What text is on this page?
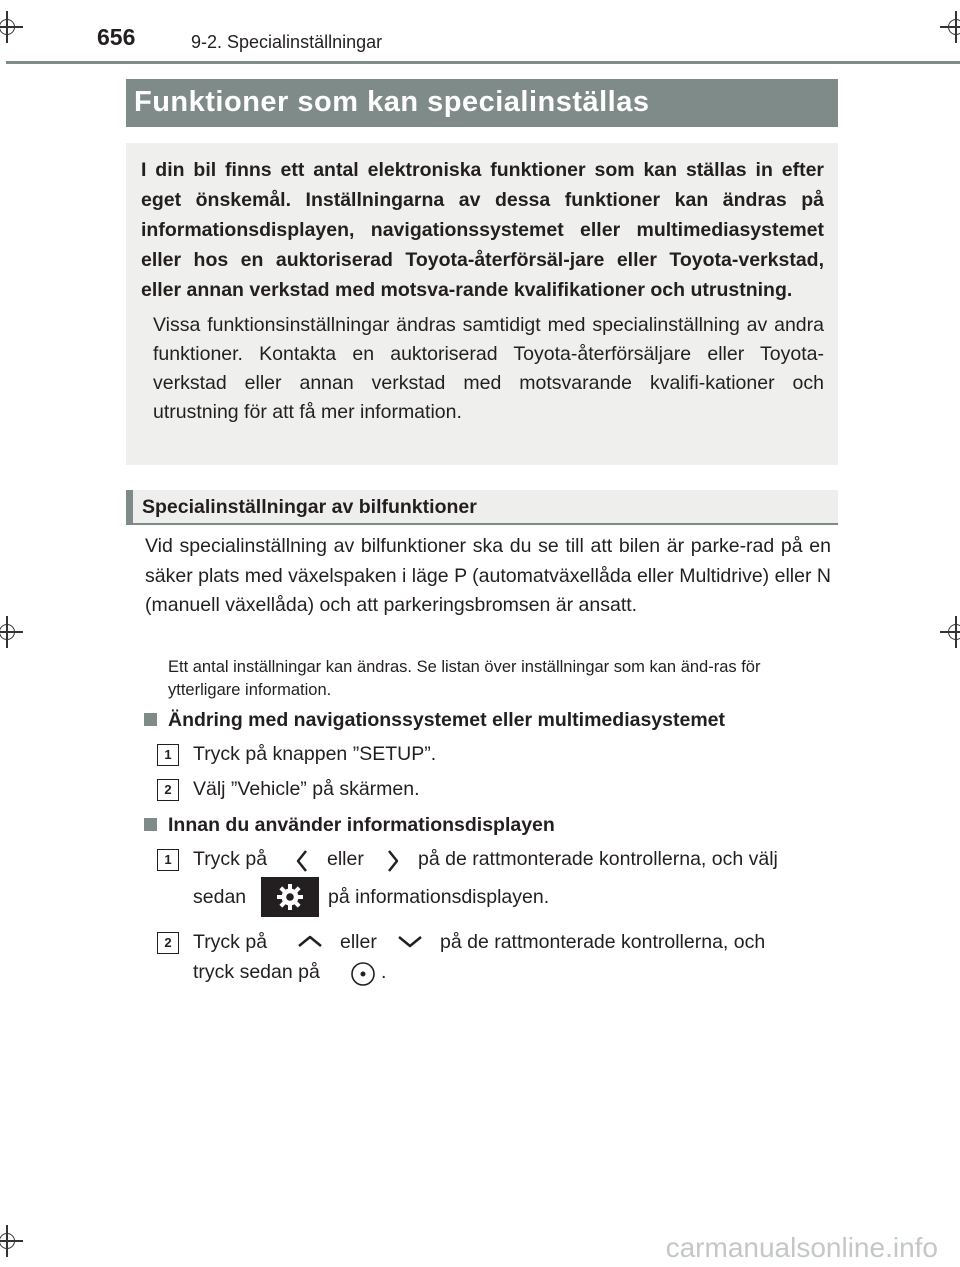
656	9-2. Specialinställningar
Funktioner som kan specialinställas

I din bil finns ett antal elektroniska funktioner som kan ställas in efter eget önskemål. Inställningarna av dessa funktioner kan ändras på informationsdisplayen, navigationssystemet eller multimediasystemet eller hos en auktoriserad Toyota-återförsäl-jare eller Toyota-verkstad, eller annan verkstad med motsva-rande kvalifikationer och utrustning.

Vissa funktionsinställningar ändras samtidigt med specialinställning av andra funktioner. Kontakta en auktoriserad Toyota-återförsäljare eller Toyota-verkstad eller annan verkstad med motsvarande kvalifi-kationer och utrustning för att få mer information.

Specialinställningar av bilfunktioner

Vid specialinställning av bilfunktioner ska du se till att bilen är parke-rad på en säker plats med växelspaken i läge P (automatväxellåda eller Multidrive) eller N (manuell växellåda) och att parkeringsbromsen är ansatt.

Ett antal inställningar kan ändras. Se listan över inställningar som kan änd-ras för ytterligare information.

Ändring med navigationssystemet eller multimediasystemet
1	Tryck på knappen ”SETUP”.
2	Välj ”Vehicle” på skärmen.
Innan du använder informationsdisplayen
1	Tryck på	eller	på de rattmonterade kontrollerna, och välj
sedan	på informationsdisplayen.
2	Tryck på	eller	på de rattmonterade kontrollerna, och
tryck sedan på	.
carmanualsonline.info
